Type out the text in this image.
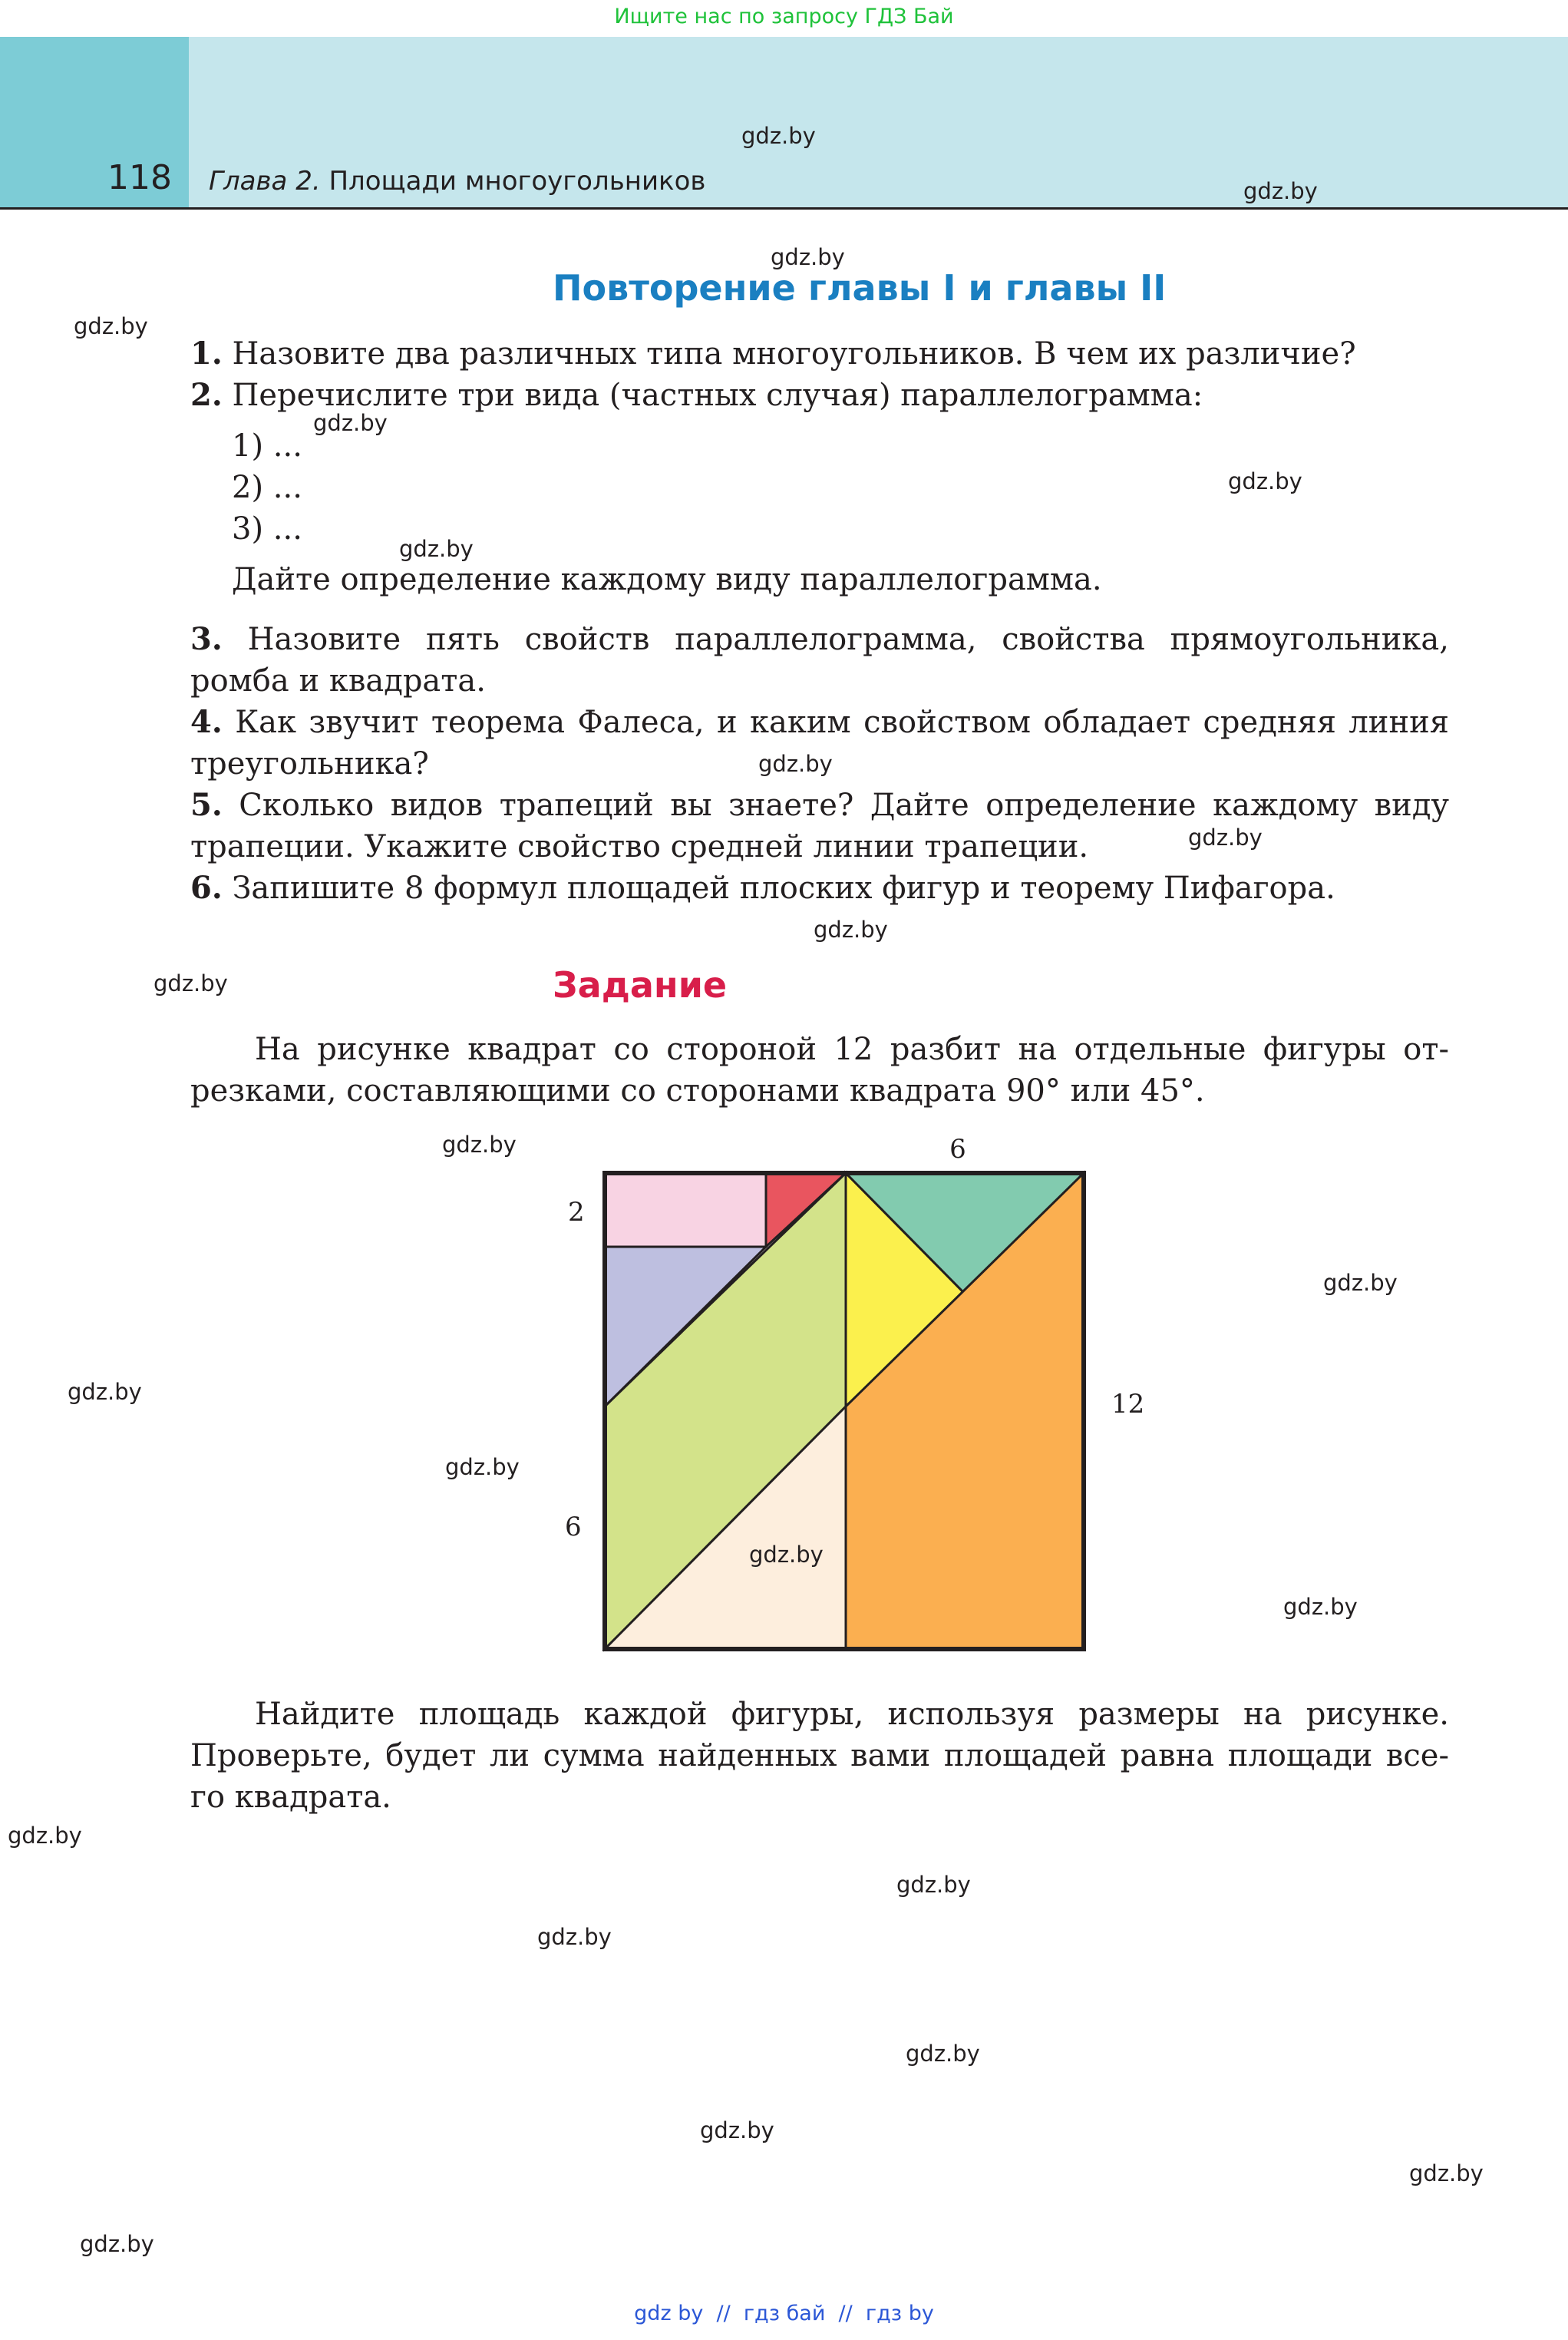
Ищите нас по запросу ГДЗ Бай
118 Глава 2. Площади многоугольников
Повторение главы I и главы II
1. Назовите два различных типа многоугольников. В чем их различие?
2. Перечислите три вида (частных случая) параллелограмма:
1) ...
2) ...
3) ...
Дайте определение каждому виду параллелограмма.
3. Назовите пять свойств параллелограмма, свойства прямоугольника,
ромба и квадрата.
4. Как звучит теорема Фалеса, и каким свойством обладает средняя линия
треугольника?
5. Сколько видов трапеций вы знаете? Дайте определение каждому виду
трапеции. Укажите свойство средней линии трапеции.
6. Запишите 8 формул площадей плоских фигур и теорему Пифагора.
Задание
На рисунке квадрат со стороной 12 разбит на отдельные фигуры от-
резками, составляющими со сторонами квадрата 90° или 45°.
6
12
2
6
Найдите площадь каждой фигуры, используя размеры на рисунке.
Проверьте, будет ли сумма найденных вами площадей равна площади все-
го квадрата.
gdz.by
gdz.by
gdz.by
gdz.by
gdz.by
gdz.by
gdz.by
gdz.by
gdz.by
gdz.by
gdz.by
gdz.by
gdz.by
gdz.by
gdz.by
gdz.by
gdz.by
gdz.by
gdz.by
gdz.by
gdz.by
gdz.by
gdz.by
gdz.by
gdz by  //  гдз бай  //  гдз by
